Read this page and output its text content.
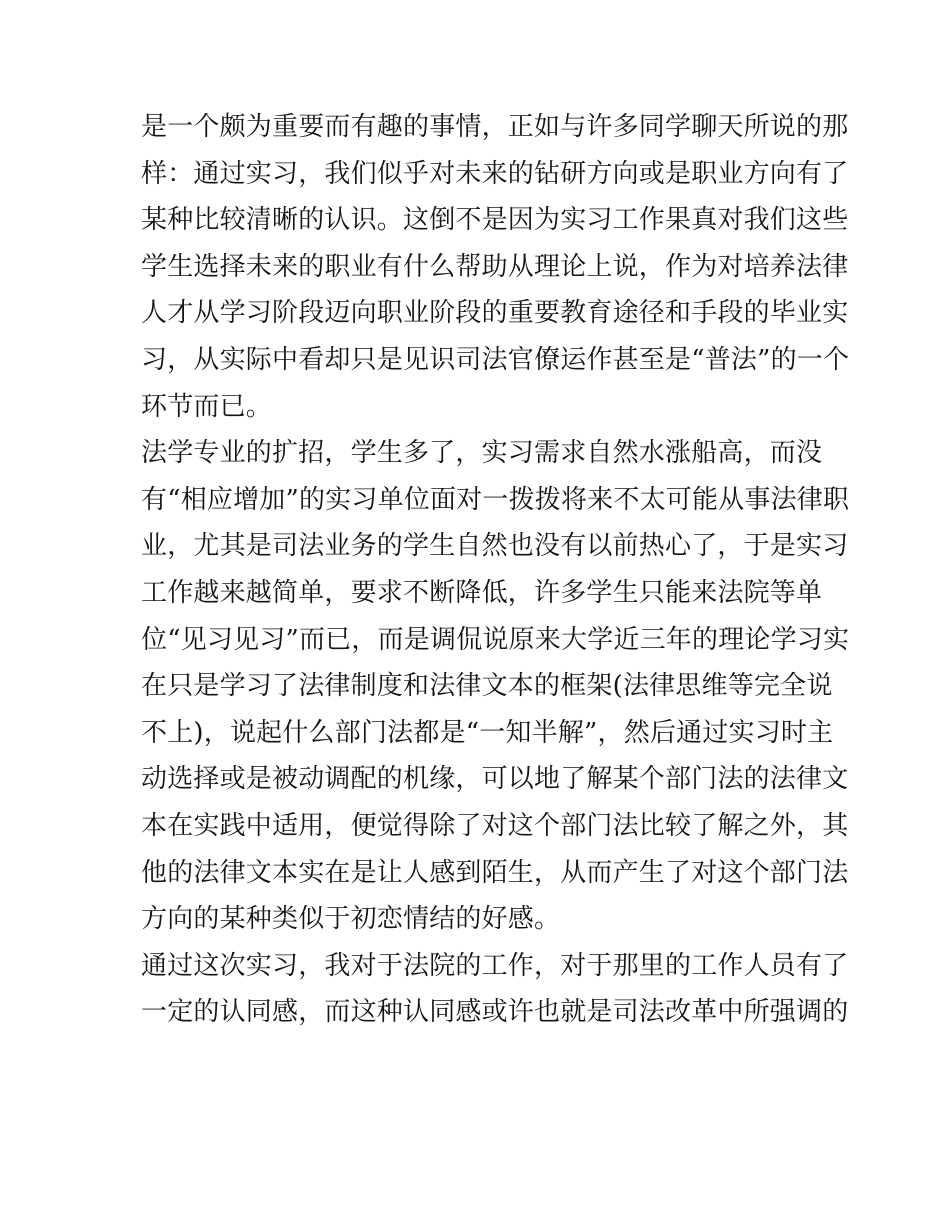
是一个颇为重要而有趣的事情，正如与许多同学聊天所说的那
样：通过实习，我们似乎对未来的钻研方向或是职业方向有了
某种比较清晰的认识。这倒不是因为实习工作果真对我们这些
学生选择未来的职业有什么帮助从理论上说，作为对培养法律
人才从学习阶段迈向职业阶段的重要教育途径和手段的毕业实
习，从实际中看却只是见识司法官僚运作甚至是“普法”的一个
环节而已。
法学专业的扩招，学生多了，实习需求自然水涨船高，而没
有“相应增加”的实习单位面对一拨拨将来不太可能从事法律职
业，尤其是司法业务的学生自然也没有以前热心了，于是实习
工作越来越简单，要求不断降低，许多学生只能来法院等单
位“见习见习”而已，而是调侃说原来大学近三年的理论学习实
在只是学习了法律制度和法律文本的框架(法律思维等完全说
不上)，说起什么部门法都是“一知半解”，然后通过实习时主
动选择或是被动调配的机缘，可以地了解某个部门法的法律文
本在实践中适用，便觉得除了对这个部门法比较了解之外，其
他的法律文本实在是让人感到陌生，从而产生了对这个部门法
方向的某种类似于初恋情结的好感。
通过这次实习，我对于法院的工作，对于那里的工作人员有了
一定的认同感，而这种认同感或许也就是司法改革中所强调的
